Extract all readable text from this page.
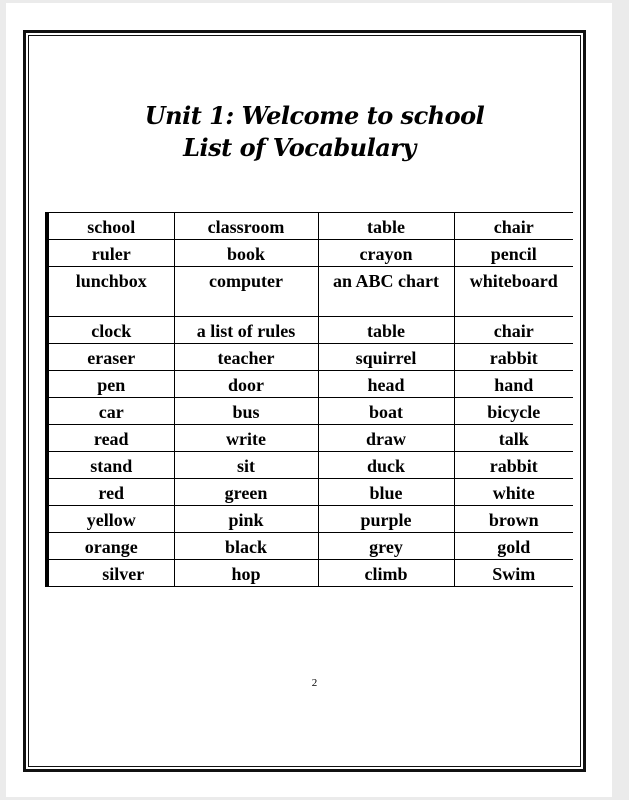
Unit 1: Welcome to school
List of Vocabulary
school	classroom	table	chair
ruler	book	crayon	pencil
lunchbox	computer	an ABC chart	whiteboard
clock	a list of rules	table	chair
eraser	teacher	squirrel	rabbit
pen	door	head	hand
car	bus	boat	bicycle
read	write	draw	talk
stand	sit	duck	rabbit
red	green	blue	white
yellow	pink	purple	brown
orange	black	grey	gold
silver	hop	climb	Swim
2
